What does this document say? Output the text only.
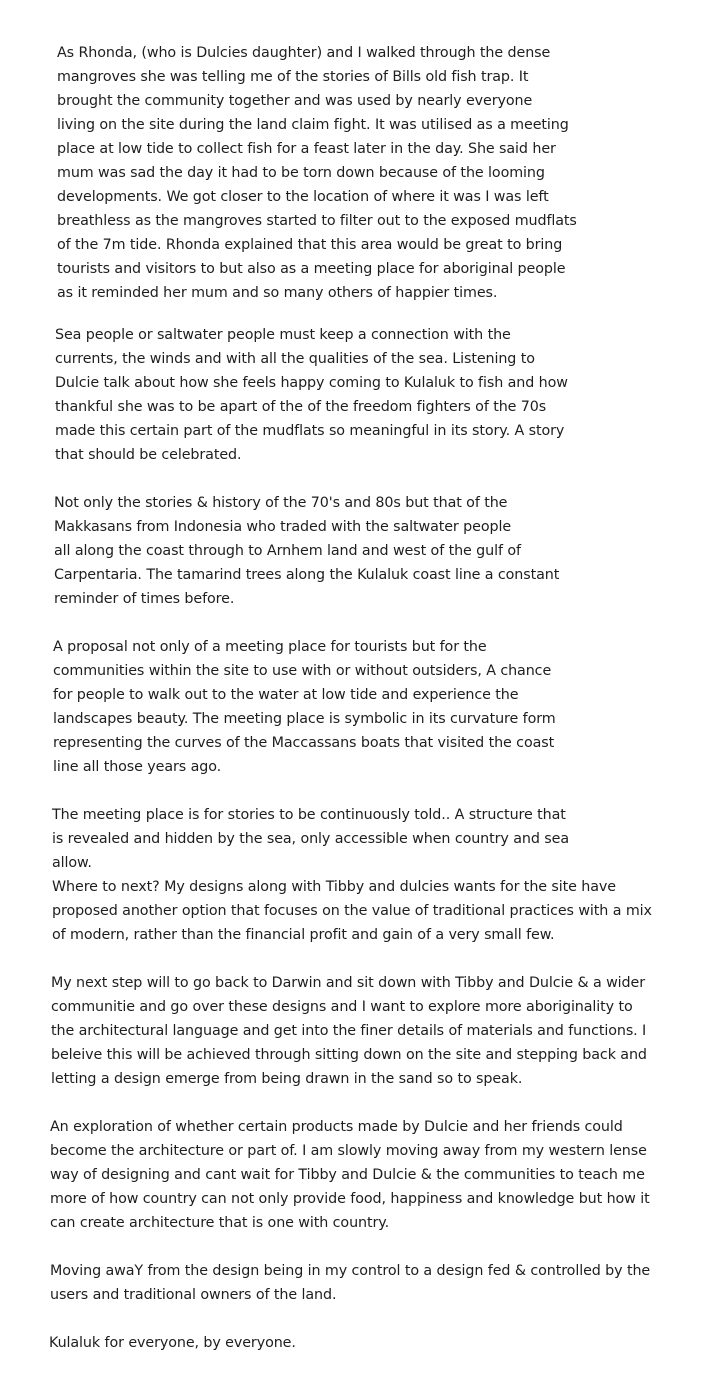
As Rhonda, (who is Dulcies daughter) and I walked through the dense
mangroves she was telling me of the stories of Bills old fish trap. It
brought the community together and was used by nearly everyone
living on the site during the land claim fight. It was utilised as a meeting
place at low tide to collect fish for a feast later in the day. She said her
mum was sad the day it had to be torn down because of the looming
developments. We got closer to the location of where it was I was left
breathless as the mangroves started to filter out to the exposed mudflats
of the 7m tide. Rhonda explained that this area would be great to bring
tourists and visitors to but also as a meeting place for aboriginal people
as it reminded her mum and so many others of happier times.

Sea people or saltwater people must keep a connection with the
currents, the winds and with all the qualities of the sea. Listening to
Dulcie talk about how she feels happy coming to Kulaluk to fish and how
thankful she was to be apart of the of the freedom fighters of the 70s
made this certain part of the mudflats so meaningful in its story. A story
that should be celebrated.

Not only the stories & history of the 70's and 80s but that of the
Makkasans from Indonesia who traded with the saltwater people
all along the coast through to Arnhem land and west of the gulf of
Carpentaria. The tamarind trees along the Kulaluk coast line a constant
reminder of times before.

A proposal not only of a meeting place for tourists but for the
communities within the site to use with or without outsiders, A chance
for people to walk out to the water at low tide and experience the
landscapes beauty. The meeting place is symbolic in its curvature form
representing the curves of the Maccassans boats that visited the coast
line all those years ago.

The meeting place is for stories to be continuously told.. A structure that
is revealed and hidden by the sea, only accessible when country and sea
allow.
Where to next? My designs along with Tibby and dulcies wants for the site have
proposed another option that focuses on the value of traditional practices with a mix
of modern, rather than the financial profit and gain of a very small few.

My next step will to go back to Darwin and sit down with Tibby and Dulcie & a wider
communitie and go over these designs and I want to explore more aboriginality to
the architectural language and get into the finer details of materials and functions. I
beleive this will be achieved through sitting down on the site and stepping back and
letting a design emerge from being drawn in the sand so to speak.

An exploration of whether certain products made by Dulcie and her friends could
become the architecture or part of. I am slowly moving away from my western lense
way of designing and cant wait for Tibby and Dulcie & the communities to teach me
more of how country can not only provide food, happiness and knowledge but how it
can create architecture that is one with country.

Moving awaY from the design being in my control to a design fed & controlled by the
users and traditional owners of the land.

Kulaluk for everyone, by everyone.
